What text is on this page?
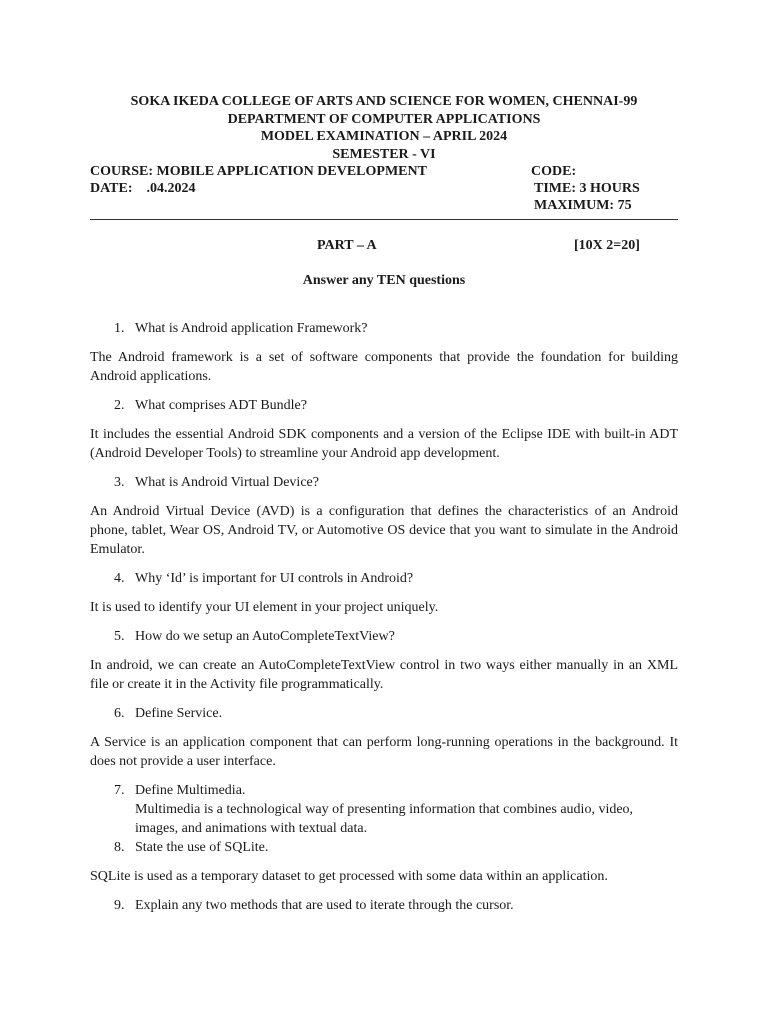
SOKA IKEDA COLLEGE OF ARTS AND SCIENCE FOR WOMEN, CHENNAI-99
DEPARTMENT OF COMPUTER APPLICATIONS
MODEL EXAMINATION – APRIL 2024
SEMESTER - VI
COURSE: MOBILE APPLICATION DEVELOPMENT	CODE:
DATE:    .04.2024	TIME: 3 HOURS
MAXIMUM: 75
PART – A	[10X 2=20]
Answer any TEN questions

1. What is Android application Framework?

The Android framework is a set of software components that provide the foundation for building Android applications.

2. What comprises ADT Bundle?

It includes the essential Android SDK components and a version of the Eclipse IDE with built-in ADT (Android Developer Tools) to streamline your Android app development.

3. What is Android Virtual Device?

An Android Virtual Device (AVD) is a configuration that defines the characteristics of an Android phone, tablet, Wear OS, Android TV, or Automotive OS device that you want to simulate in the Android Emulator.

4. Why ‘Id’ is important for UI controls in Android?

It is used to identify your UI element in your project uniquely.

5. How do we setup an AutoCompleteTextView?

In android, we can create an AutoCompleteTextView control in two ways either manually in an XML file or create it in the Activity file programmatically.

6. Define Service.

A Service is an application component that can perform long-running operations in the background. It does not provide a user interface.

7. Define Multimedia.

Multimedia is a technological way of presenting information that combines audio, video, images, and animations with textual data.

8. State the use of SQLite.

SQLite is used as a temporary dataset to get processed with some data within an application.

9. Explain any two methods that are used to iterate through the cursor.
